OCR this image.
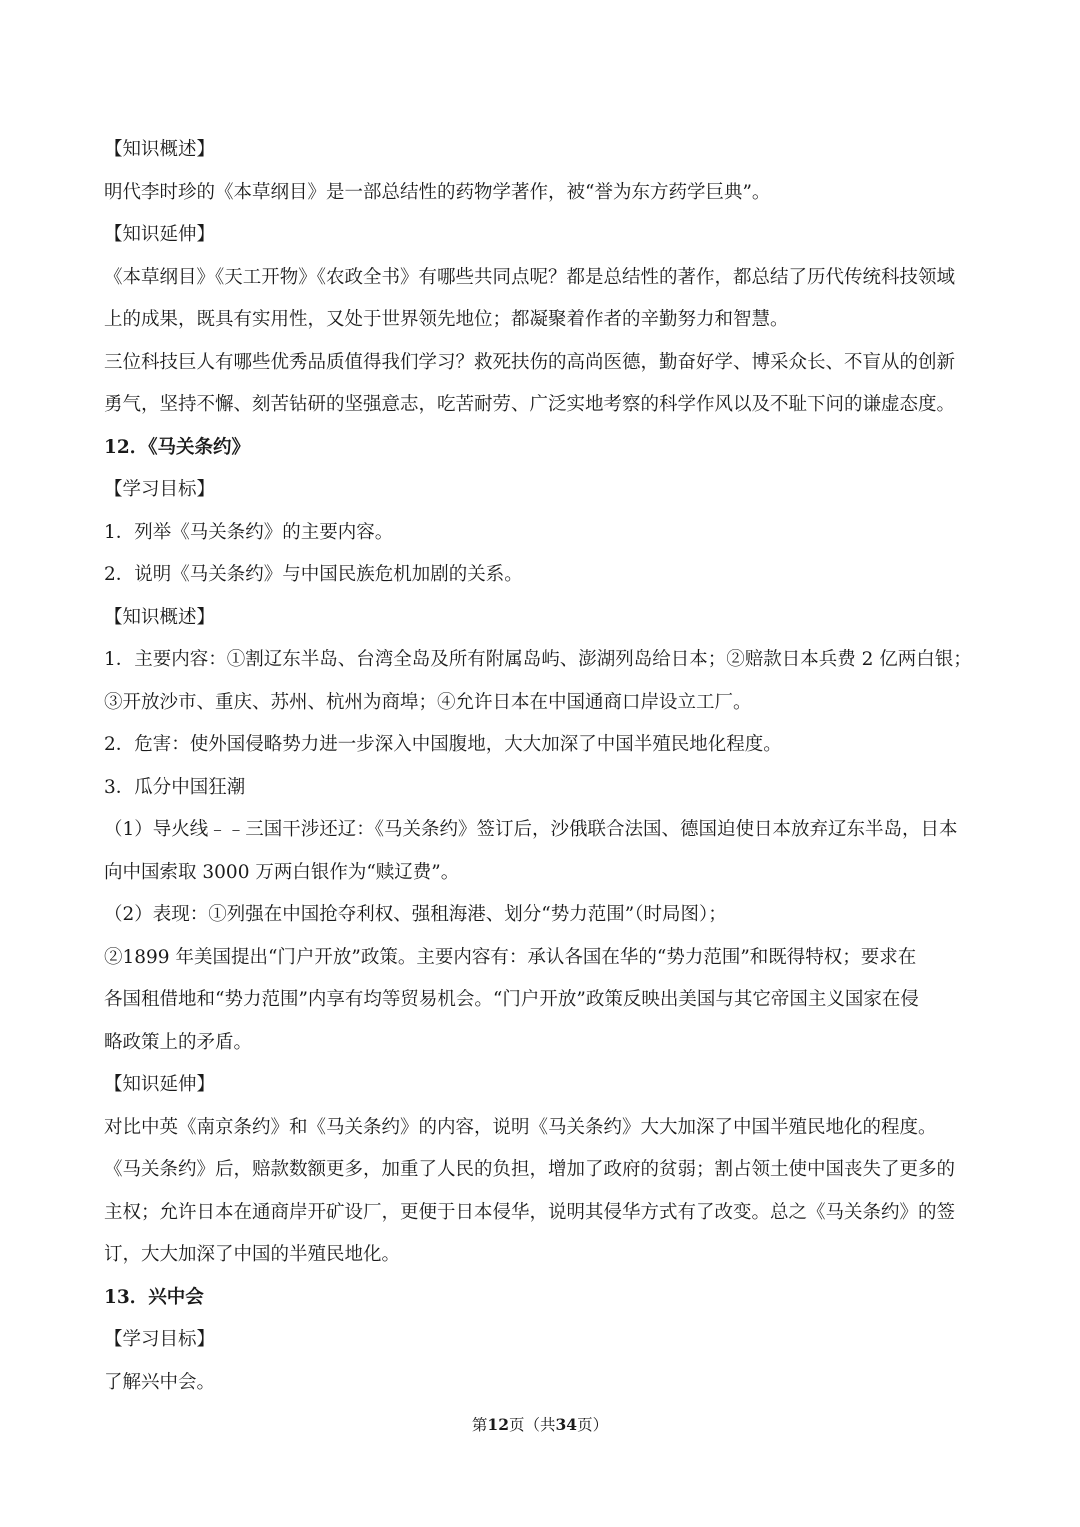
【知识概述】
明代李时珍的《本草纲目》是一部总结性的药物学著作，被“誉为东方药学巨典”。
【知识延伸】
《本草纲目》《天工开物》《农政全书》有哪些共同点呢？都是总结性的著作，都总结了历代传统科技领域
上的成果，既具有实用性，又处于世界领先地位；都凝聚着作者的辛勤努力和智慧。
三位科技巨人有哪些优秀品质值得我们学习？救死扶伤的高尚医德，勤奋好学、博采众长、不盲从的创新
勇气，坚持不懈、刻苦钻研的坚强意志，吃苦耐劳、广泛实地考察的科学作风以及不耻下问的谦虚态度。
12．《马关条约》
【学习目标】
1．列举《马关条约》的主要内容。
2．说明《马关条约》与中国民族危机加剧的关系。
【知识概述】
1．主要内容：①割辽东半岛、台湾全岛及所有附属岛屿、澎湖列岛给日本；②赔款日本兵费 2 亿两白银；
③开放沙市、重庆、苏州、杭州为商埠；④允许日本在中国通商口岸设立工厂。
2．危害：使外国侵略势力进一步深入中国腹地，大大加深了中国半殖民地化程度。
3．瓜分中国狂潮
（1）导火线﹣﹣三国干涉还辽：《马关条约》签订后，沙俄联合法国、德国迫使日本放弃辽东半岛，日本
向中国索取 3000 万两白银作为“赎辽费”。
（2）表现：①列强在中国抢夺利权、强租海港、划分“势力范围”（时局图）；
②1899 年美国提出“门户开放”政策。主要内容有：承认各国在华的“势力范围”和既得特权；要求在
各国租借地和“势力范围”内享有均等贸易机会。“门户开放”政策反映出美国与其它帝国主义国家在侵
略政策上的矛盾。
【知识延伸】
对比中英《南京条约》和《马关条约》的内容，说明《马关条约》大大加深了中国半殖民地化的程度。
《马关条约》后，赔款数额更多，加重了人民的负担，增加了政府的贫弱；割占领土使中国丧失了更多的
主权；允许日本在通商岸开矿设厂，更便于日本侵华，说明其侵华方式有了改变。总之《马关条约》的签
订，大大加深了中国的半殖民地化。
13．兴中会
【学习目标】
了解兴中会。
第12页（共34页）
